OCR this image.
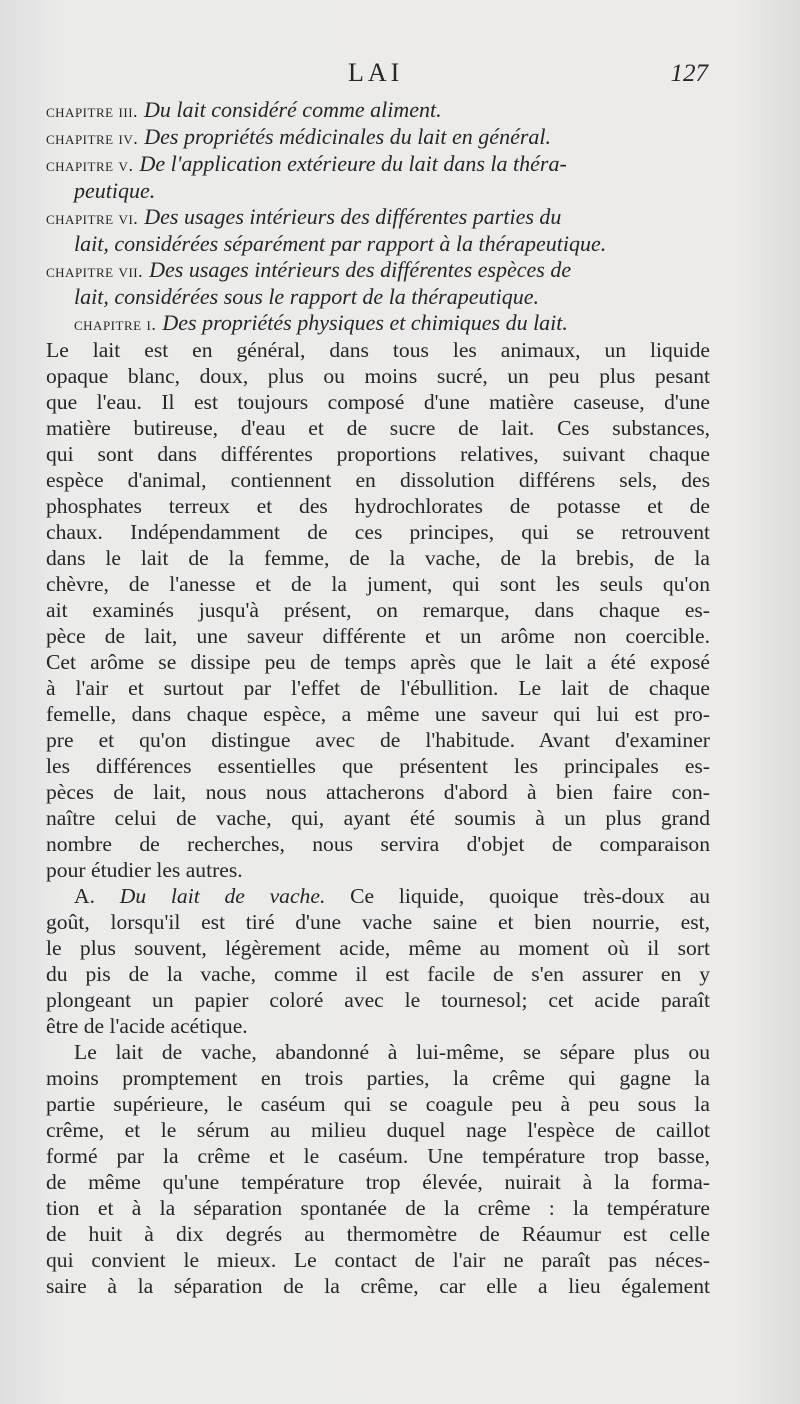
LAI	127
chapitre iii. Du lait considéré comme aliment.
chapitre iv. Des propriétés médicinales du lait en général.
chapitre v. De l'application extérieure du lait dans la théra-
peutique.
chapitre vi. Des usages intérieurs des différentes parties du
lait, considérées séparément par rapport à la thérapeutique.
chapitre vii. Des usages intérieurs des différentes espèces de
lait, considérées sous le rapport de la thérapeutique.
chapitre i. Des propriétés physiques et chimiques du lait.
Le lait est en général, dans tous les animaux, un liquide
opaque blanc, doux, plus ou moins sucré, un peu plus pesant
que l'eau. Il est toujours composé d'une matière caseuse, d'une
matière butireuse, d'eau et de sucre de lait. Ces substances,
qui sont dans différentes proportions relatives, suivant chaque
espèce d'animal, contiennent en dissolution différens sels, des
phosphates terreux et des hydrochlorates de potasse et de
chaux. Indépendamment de ces principes, qui se retrouvent
dans le lait de la femme, de la vache, de la brebis, de la
chèvre, de l'anesse et de la jument, qui sont les seuls qu'on
ait examinés jusqu'à présent, on remarque, dans chaque es-
pèce de lait, une saveur différente et un arôme non coercible.
Cet arôme se dissipe peu de temps après que le lait a été exposé
à l'air et surtout par l'effet de l'ébullition. Le lait de chaque
femelle, dans chaque espèce, a même une saveur qui lui est pro-
pre et qu'on distingue avec de l'habitude. Avant d'examiner
les différences essentielles que présentent les principales es-
pèces de lait, nous nous attacherons d'abord à bien faire con-
naître celui de vache, qui, ayant été soumis à un plus grand
nombre de recherches, nous servira d'objet de comparaison
pour étudier les autres.
A. Du lait de vache. Ce liquide, quoique très-doux au
goût, lorsqu'il est tiré d'une vache saine et bien nourrie, est,
le plus souvent, légèrement acide, même au moment où il sort
du pis de la vache, comme il est facile de s'en assurer en y
plongeant un papier coloré avec le tournesol; cet acide paraît
être de l'acide acétique.
Le lait de vache, abandonné à lui-même, se sépare plus ou
moins promptement en trois parties, la crême qui gagne la
partie supérieure, le caséum qui se coagule peu à peu sous la
crême, et le sérum au milieu duquel nage l'espèce de caillot
formé par la crême et le caséum. Une température trop basse,
de même qu'une température trop élevée, nuirait à la forma-
tion et à la séparation spontanée de la crême : la température
de huit à dix degrés au thermomètre de Réaumur est celle
qui convient le mieux. Le contact de l'air ne paraît pas néces-
saire à la séparation de la crême, car elle a lieu également
